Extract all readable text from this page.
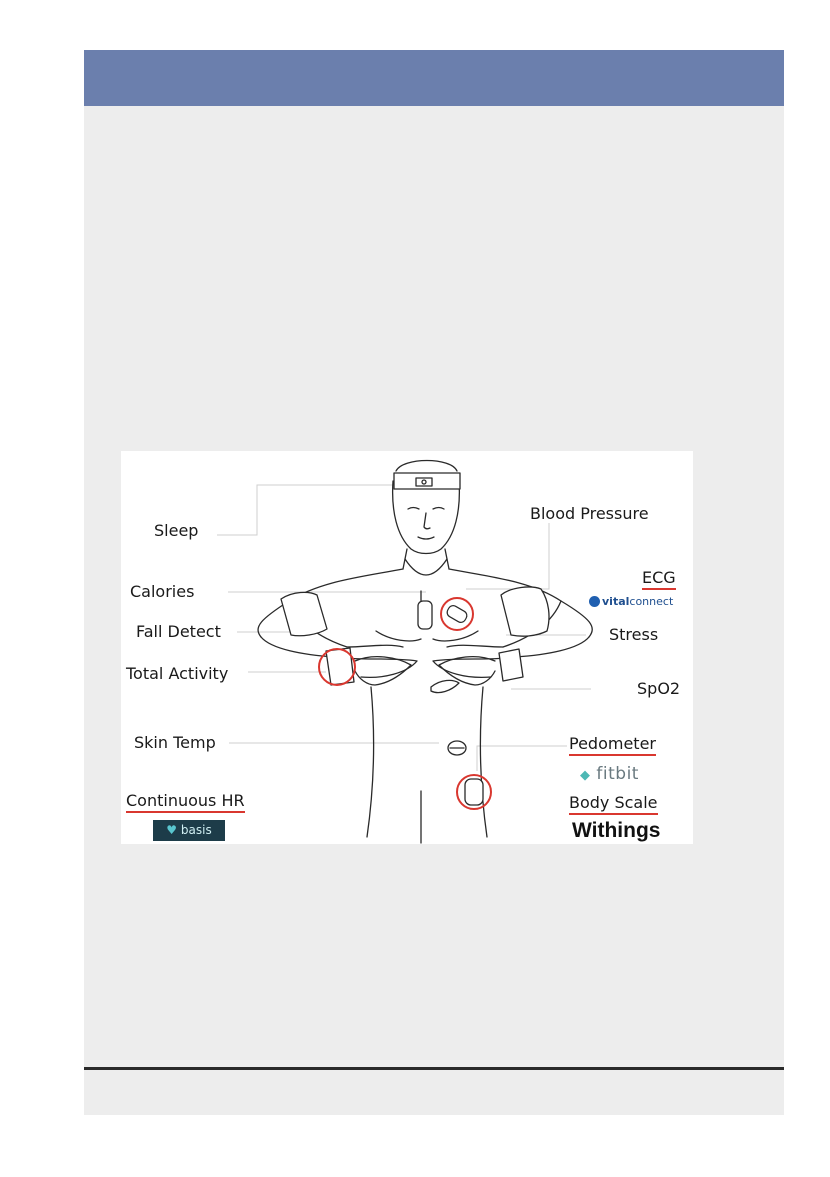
Sleep
Calories
Fall Detect
Total Activity
Skin Temp
Continuous HR
♥ basis
Blood Pressure
ECG
vitalconnect
Stress
SpO2
Pedometer
◆ fitbit
Body Scale
Withings
